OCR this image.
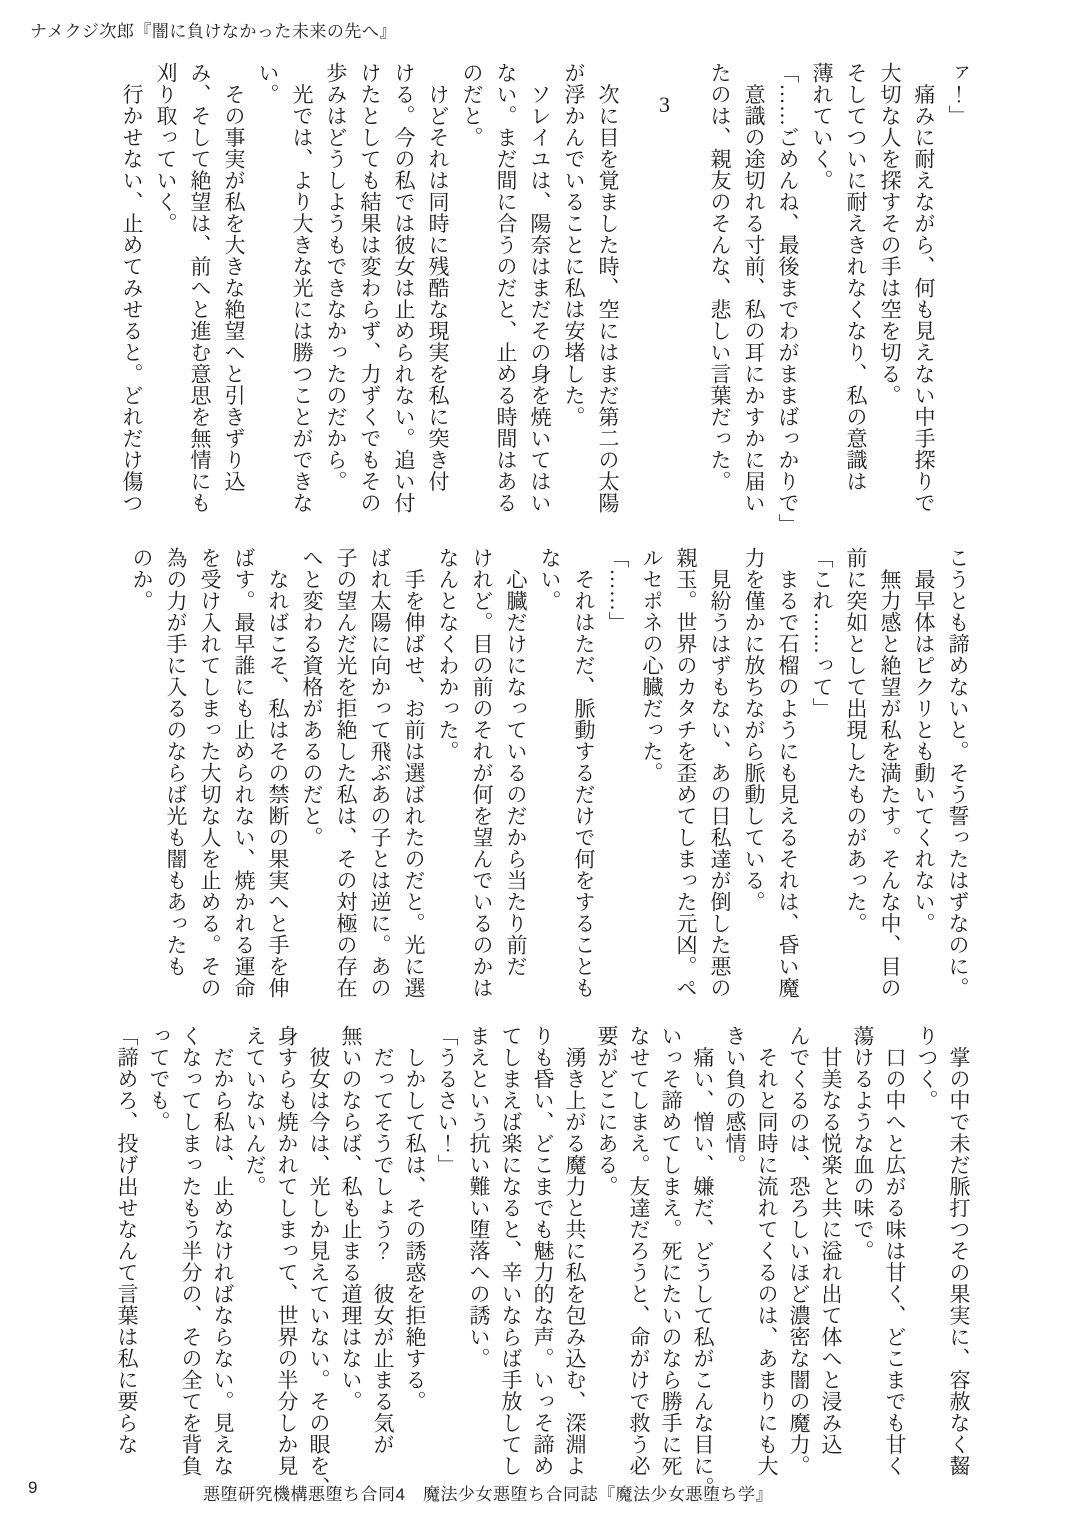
ナメクジ次郎『闇に負けなかった未来の先へ』
ァ！」
　痛みに耐えながら、何も見えない中手探りで
大切な人を探すその手は空を切る。
そしてついに耐えきれなくなり、私の意識は
薄れていく。
「……ごめんね、最後までわがままばっかりで」
　意識の途切れる寸前、私の耳にかすかに届い
たのは、親友のそんな、悲しい言葉だった。
3
　次に目を覚ました時、空にはまだ第二の太陽
が浮かんでいることに私は安堵した。
　ソレイユは、陽奈はまだその身を焼いてはい
ない。まだ間に合うのだと、止める時間はある
のだと。
　けどそれは同時に残酷な現実を私に突き付
ける。今の私では彼女は止められない。追い付
けたとしても結果は変わらず、力ずくでもその
歩みはどうしようもできなかったのだから。
　光では、より大きな光には勝つことができな
い。
　その事実が私を大きな絶望へと引きずり込
み、そして絶望は、前へと進む意思を無情にも
刈り取っていく。
　行かせない、止めてみせると。どれだけ傷つ
こうとも諦めないと。そう誓ったはずなのに。
　最早体はピクリとも動いてくれない。
　無力感と絶望が私を満たす。そんな中、目の
前に突如として出現したものがあった。
「これ……って」
　まるで石榴のようにも見えるそれは、昏い魔
力を僅かに放ちながら脈動している。
　見紛うはずもない、あの日私達が倒した悪の
親玉。世界のカタチを歪めてしまった元凶。ペ
ルセポネの心臓だった。
「……」
　それはただ、脈動するだけで何をすることも
ない。
　心臓だけになっているのだから当たり前だ
けれど。目の前のそれが何を望んでいるのかは
なんとなくわかった。
　手を伸ばせ、お前は選ばれたのだと。光に選
ばれ太陽に向かって飛ぶあの子とは逆に。あの
子の望んだ光を拒絶した私は、その対極の存在
へと変わる資格があるのだと。
　なればこそ、私はその禁断の果実へと手を伸
ばす。最早誰にも止められない、焼かれる運命
を受け入れてしまった大切な人を止める。その
為の力が手に入るのならば光も闇もあったも
のか。
　掌の中で未だ脈打つその果実に、容赦なく齧
りつく。
　口の中へと広がる味は甘く、どこまでも甘く
蕩けるような血の味で。
　甘美なる悦楽と共に溢れ出て体へと浸み込
んでくるのは、恐ろしいほど濃密な闇の魔力。
　それと同時に流れてくるのは、あまりにも大
きい負の感情。
　痛い、憎い、嫌だ、どうして私がこんな目に。
いっそ諦めてしまえ。死にたいのなら勝手に死
なせてしまえ。友達だろうと、命がけで救う必
要がどこにある。
　湧き上がる魔力と共に私を包み込む、深淵よ
りも昏い、どこまでも魅力的な声。いっそ諦め
てしまえば楽になると、辛いならば手放してし
まえという抗い難い堕落への誘い。
「うるさい！」
　しかして私は、その誘惑を拒絶する。
　だってそうでしょう？　彼女が止まる気が
無いのならば、私も止まる道理はない。
　彼女は今は、光しか見えていない。その眼を、
身すらも焼かれてしまって、世界の半分しか見
えていないんだ。
　だから私は、止めなければならない。見えな
くなってしまったもう半分の、その全てを背負
ってでも。
「諦めろ、投げ出せなんて言葉は私に要らな
9	悪堕研究機構悪堕ち合同4　魔法少女悪堕ち合同誌『魔法少女悪堕ち学』
